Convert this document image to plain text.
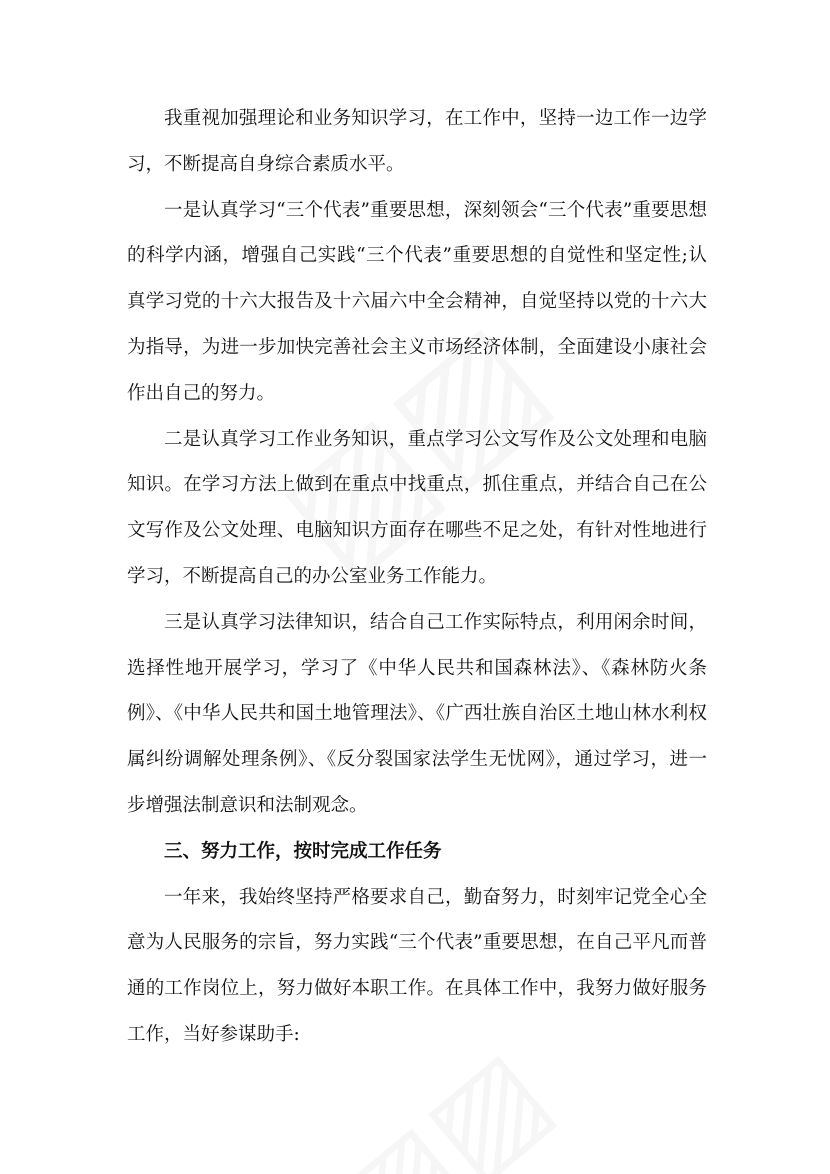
我重视加强理论和业务知识学习，在工作中，坚持一边工作一边学习，不断提高自身综合素质水平。

一是认真学习“三个代表”重要思想，深刻领会“三个代表”重要思想的科学内涵，增强自己实践“三个代表”重要思想的自觉性和坚定性;认真学习党的十六大报告及十六届六中全会精神，自觉坚持以党的十六大为指导，为进一步加快完善社会主义市场经济体制，全面建设小康社会作出自己的努力。

二是认真学习工作业务知识，重点学习公文写作及公文处理和电脑知识。在学习方法上做到在重点中找重点，抓住重点，并结合自己在公文写作及公文处理、电脑知识方面存在哪些不足之处，有针对性地进行学习，不断提高自己的办公室业务工作能力。

三是认真学习法律知识，结合自己工作实际特点，利用闲余时间，选择性地开展学习，学习了《中华人民共和国森林法》、《森林防火条例》、《中华人民共和国土地管理法》、《广西壮族自治区土地山林水利权属纠纷调解处理条例》、《反分裂国家法学生无忧网》，通过学习，进一步增强法制意识和法制观念。

三、努力工作，按时完成工作任务

一年来，我始终坚持严格要求自己，勤奋努力，时刻牢记党全心全意为人民服务的宗旨，努力实践“三个代表”重要思想，在自己平凡而普通的工作岗位上，努力做好本职工作。在具体工作中，我努力做好服务工作，当好参谋助手:
